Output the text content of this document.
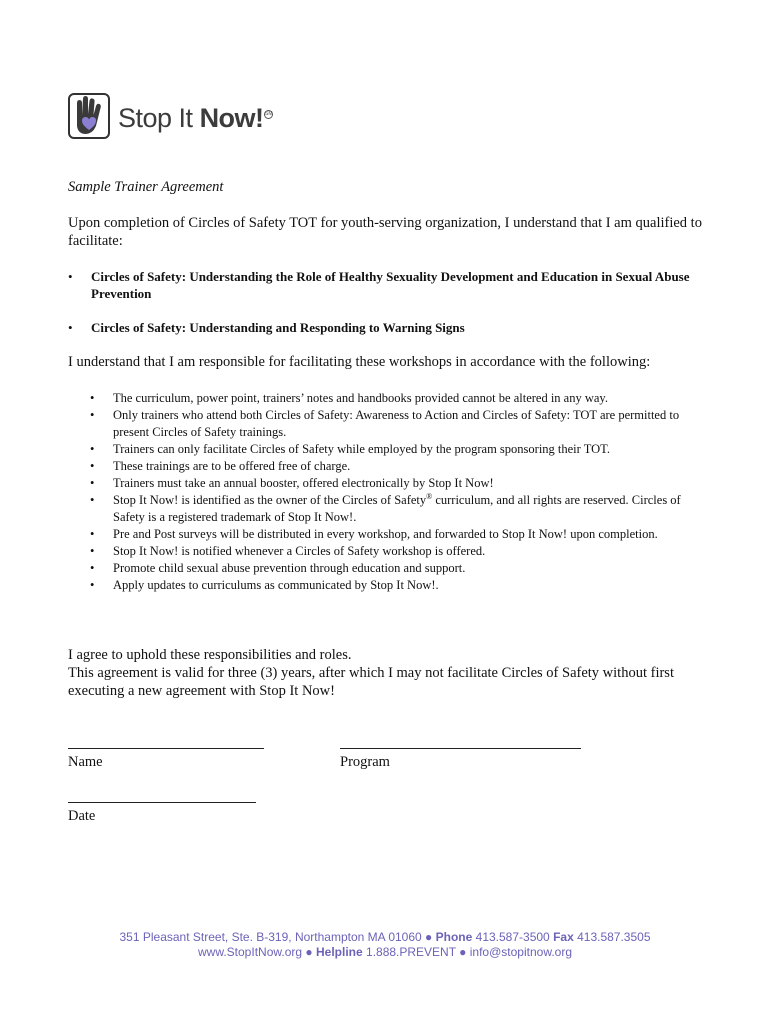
Stop It Now! SM
Sample Trainer Agreement
Upon completion of Circles of Safety TOT for youth-serving organization, I understand that I am qualified to facilitate:
•	Circles of Safety: Understanding the Role of Healthy Sexuality Development and Education in Sexual Abuse Prevention
•	Circles of Safety: Understanding and Responding to Warning Signs
I understand that I am responsible for facilitating these workshops in accordance with the following:
•	The curriculum, power point, trainers’ notes and handbooks provided cannot be altered in any way.
•	Only trainers who attend both Circles of Safety: Awareness to Action and Circles of Safety: TOT are permitted to present Circles of Safety trainings.
•	Trainers can only facilitate Circles of Safety while employed by the program sponsoring their TOT.
•	These trainings are to be offered free of charge.
•	Trainers must take an annual booster, offered electronically by Stop It Now!
•	Stop It Now! is identified as the owner of the Circles of Safety® curriculum, and all rights are reserved. Circles of Safety is a registered trademark of Stop It Now!.
•	Pre and Post surveys will be distributed in every workshop, and forwarded to Stop It Now! upon completion.
•	Stop It Now! is notified whenever a Circles of Safety workshop is offered.
•	Promote child sexual abuse prevention through education and support.
•	Apply updates to curriculums as communicated by Stop It Now!.
I agree to uphold these responsibilities and roles.
This agreement is valid for three (3) years, after which I may not facilitate Circles of Safety without first executing a new agreement with Stop It Now!
Name	Program
Date
351 Pleasant Street, Ste. B-319, Northampton MA 01060 ● Phone 413.587-3500 Fax 413.587.3505
www.StopItNow.org ● Helpline 1.888.PREVENT ● info@stopitnow.org
